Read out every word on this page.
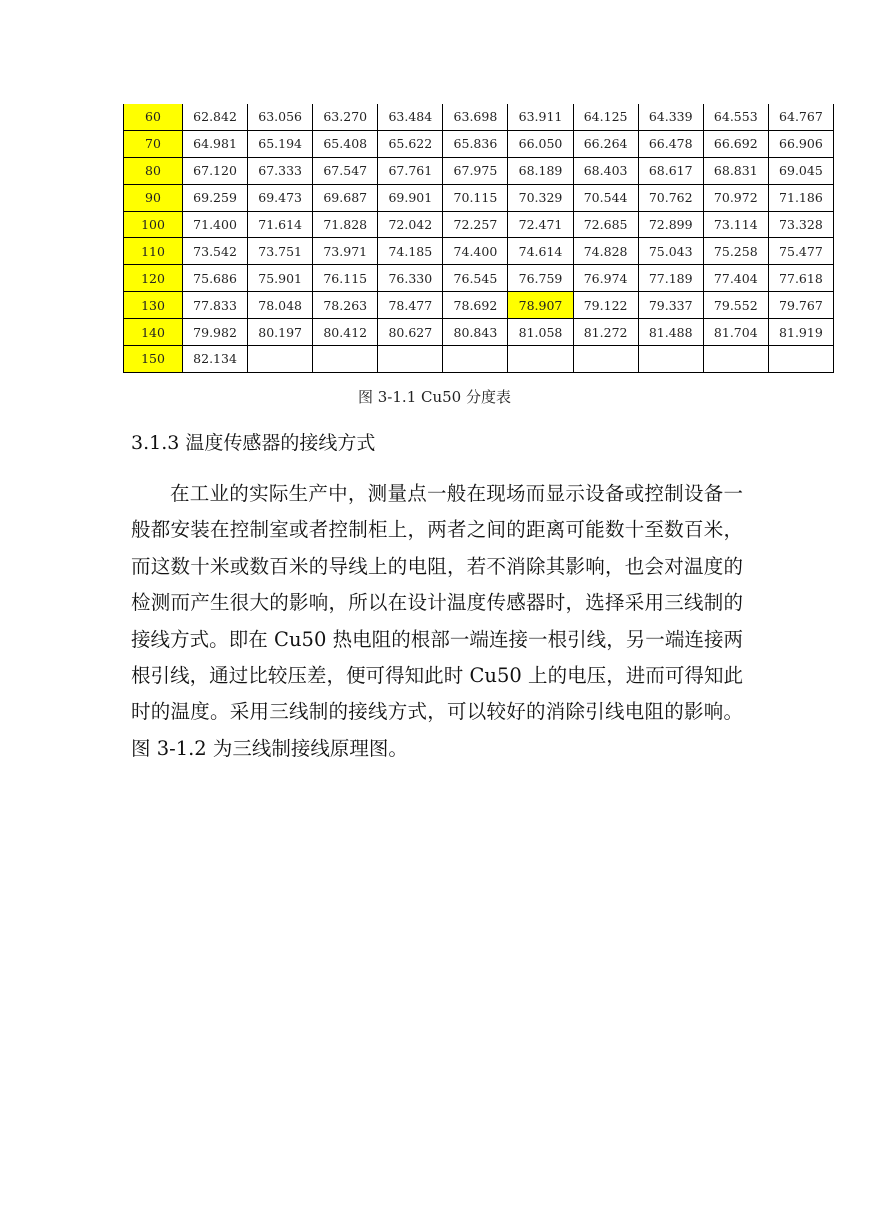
60	62.842	63.056	63.270	63.484	63.698	63.911	64.125	64.339	64.553	64.767
70	64.981	65.194	65.408	65.622	65.836	66.050	66.264	66.478	66.692	66.906
80	67.120	67.333	67.547	67.761	67.975	68.189	68.403	68.617	68.831	69.045
90	69.259	69.473	69.687	69.901	70.115	70.329	70.544	70.762	70.972	71.186
100	71.400	71.614	71.828	72.042	72.257	72.471	72.685	72.899	73.114	73.328
110	73.542	73.751	73.971	74.185	74.400	74.614	74.828	75.043	75.258	75.477
120	75.686	75.901	76.115	76.330	76.545	76.759	76.974	77.189	77.404	77.618
130	77.833	78.048	78.263	78.477	78.692	78.907	79.122	79.337	79.552	79.767
140	79.982	80.197	80.412	80.627	80.843	81.058	81.272	81.488	81.704	81.919
150	82.134									
图 3-1.1 Cu50 分度表
3.1.3 温度传感器的接线方式

在工业的实际生产中，测量点一般在现场而显示设备或控制设备一般都安装在控制室或者控制柜上，两者之间的距离可能数十至数百米，而这数十米或数百米的导线上的电阻，若不消除其影响，也会对温度的检测而产生很大的影响，所以在设计温度传感器时，选择采用三线制的接线方式。即在 Cu50 热电阻的根部一端连接一根引线，另一端连接两根引线，通过比较压差，便可得知此时 Cu50 上的电压，进而可得知此时的温度。采用三线制的接线方式，可以较好的消除引线电阻的影响。图 3-1.2 为三线制接线原理图。
